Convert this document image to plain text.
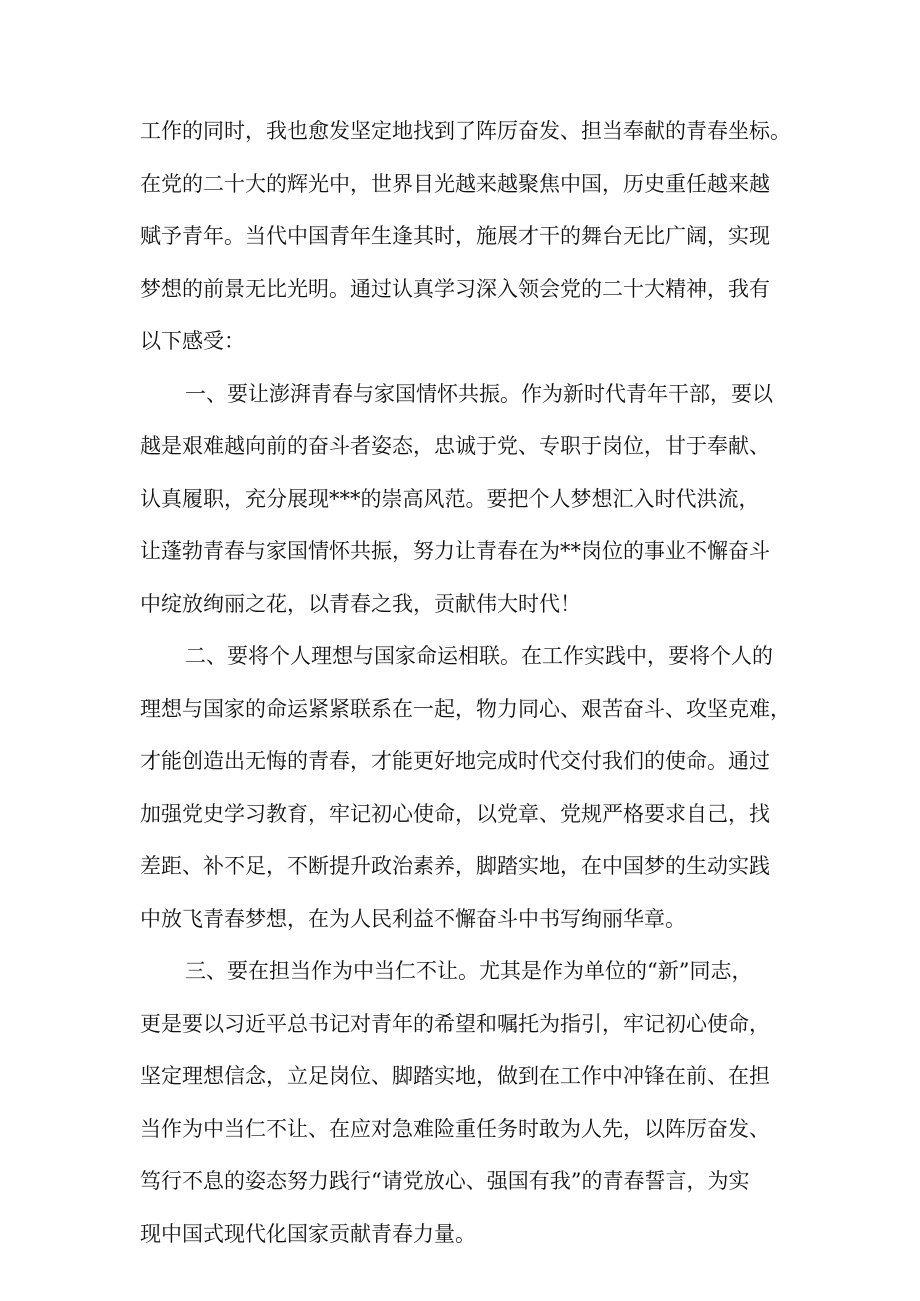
工作的同时，我也愈发坚定地找到了阵厉奋发、担当奉献的青春坐标。
在党的二十大的辉光中，世界目光越来越聚焦中国，历史重任越来越
赋予青年。当代中国青年生逢其时，施展才干的舞台无比广阔，实现
梦想的前景无比光明。通过认真学习深入领会党的二十大精神，我有
以下感受：
一、要让澎湃青春与家国情怀共振。作为新时代青年干部，要以
越是艰难越向前的奋斗者姿态，忠诚于党、专职于岗位，甘于奉献、
认真履职，充分展现***的崇高风范。要把个人梦想汇入时代洪流，
让蓬勃青春与家国情怀共振，努力让青春在为**岗位的事业不懈奋斗
中绽放绚丽之花，以青春之我，贡献伟大时代！
二、要将个人理想与国家命运相联。在工作实践中，要将个人的
理想与国家的命运紧紧联系在一起，物力同心、艰苦奋斗、攻坚克难，
才能创造出无悔的青春，才能更好地完成时代交付我们的使命。通过
加强党史学习教育，牢记初心使命，以党章、党规严格要求自己，找
差距、补不足，不断提升政治素养，脚踏实地，在中国梦的生动实践
中放飞青春梦想，在为人民利益不懈奋斗中书写绚丽华章。
三、要在担当作为中当仁不让。尤其是作为单位的“新”同志，
更是要以习近平总书记对青年的希望和嘱托为指引，牢记初心使命，
坚定理想信念，立足岗位、脚踏实地，做到在工作中冲锋在前、在担
当作为中当仁不让、在应对急难险重任务时敢为人先，以阵厉奋发、
笃行不息的姿态努力践行“请党放心、强国有我”的青春誓言，为实
现中国式现代化国家贡献青春力量。
